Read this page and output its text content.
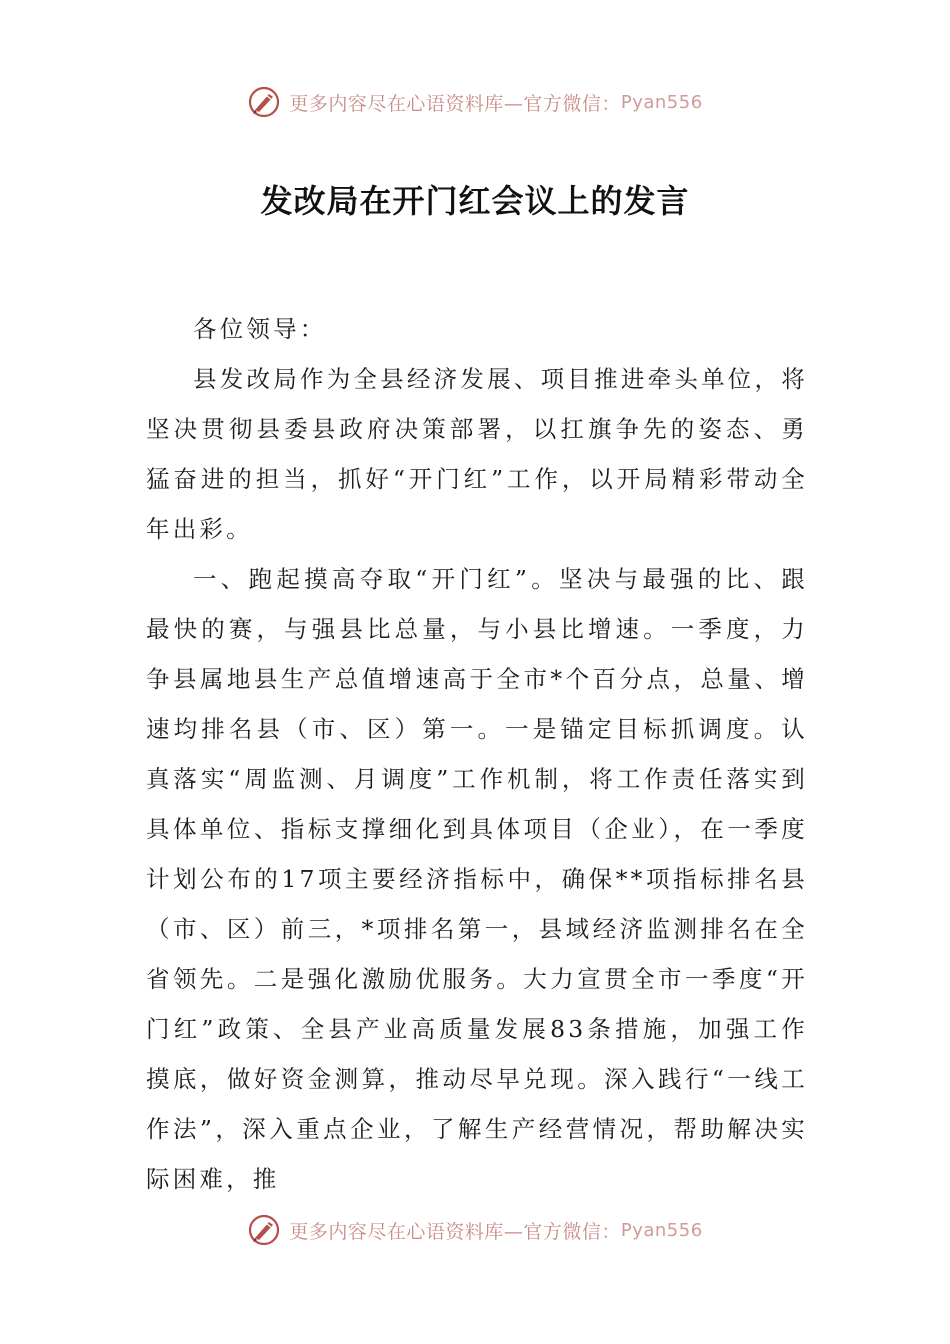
更多内容尽在心语资料库—官方微信： Pyan556
发改局在开门红会议上的发言

各位领导：

县发改局作为全县经济发展、项目推进牵头单位，将坚决贯彻县委县政府决策部署，以扛旗争先的姿态、勇猛奋进的担当，抓好“开门红”工作，以开局精彩带动全年出彩。

一、跑起摸高夺取“开门红”。坚决与最强的比、跟最快的赛，与强县比总量，与小县比增速。一季度，力争县属地县生产总值增速高于全市*个百分点，总量、增速均排名县（市、区）第一。一是锚定目标抓调度。认真落实“周监测、月调度”工作机制，将工作责任落实到具体单位、指标支撑细化到具体项目（企业），在一季度计划公布的17项主要经济指标中，确保**项指标排名县（市、区）前三，*项排名第一，县域经济监测排名在全省领先。二是强化激励优服务。大力宣贯全市一季度“开门红”政策、全县产业高质量发展83条措施，加强工作摸底，做好资金测算，推动尽早兑现。深入践行“一线工作法”，深入重点企业，了解生产经营情况，帮助解决实际困难，推

更多内容尽在心语资料库—官方微信： Pyan556
